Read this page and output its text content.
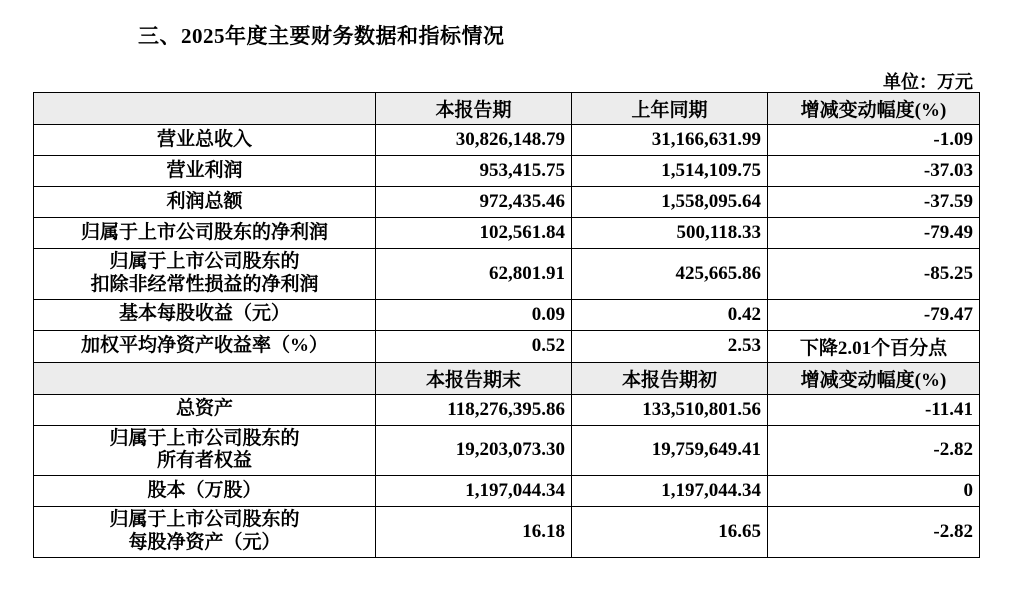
三、2025年度主要财务数据和指标情况
单位：万元
	本报告期	上年同期	增减变动幅度(%)
营业总收入	30,826,148.79	31,166,631.99	-1.09
营业利润	953,415.75	1,514,109.75	-37.03
利润总额	972,435.46	1,558,095.64	-37.59
归属于上市公司股东的净利润	102,561.84	500,118.33	-79.49

归属于上市公司股东的
扣除非经常性损益的净利润	62,801.91	425,665.86	-85.25
基本每股收益（元）	0.09	0.42	-79.47
加权平均净资产收益率（%）	0.52	2.53	下降2.01个百分点
	本报告期末	本报告期初	增减变动幅度(%)
总资产	118,276,395.86	133,510,801.56	-11.41

归属于上市公司股东的
所有者权益	19,203,073.30	19,759,649.41	-2.82
股本（万股）	1,197,044.34	1,197,044.34	0

归属于上市公司股东的
每股净资产（元）	16.18	16.65	-2.82
